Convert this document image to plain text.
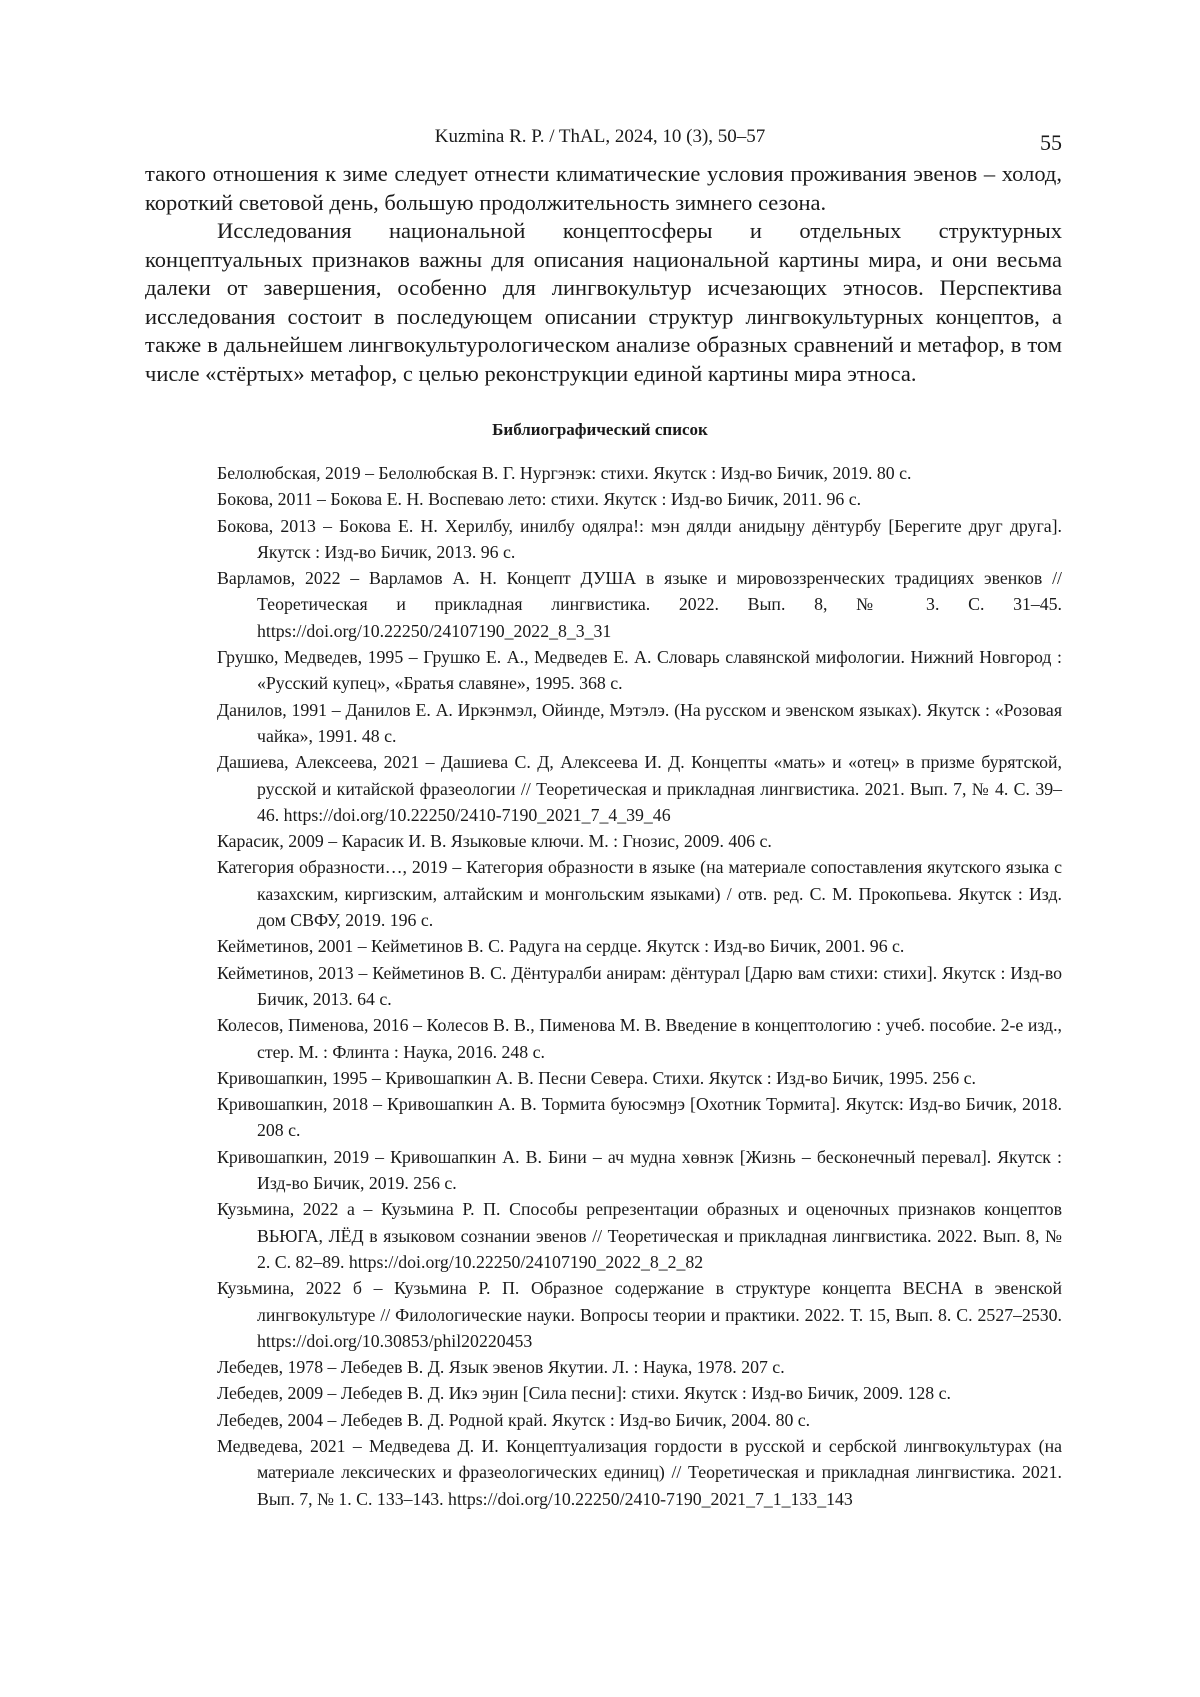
Kuzmina R. P. / ThAL, 2024, 10 (3), 50–57	55

такого отношения к зиме следует отнести климатические условия проживания эвенов – холод, короткий световой день, большую продолжительность зимнего сезона.

Исследования национальной концептосферы и отдельных структурных концептуальных признаков важны для описания национальной картины мира, и они весьма далеки от завершения, особенно для лингвокультур исчезающих этносов. Перспектива исследования состоит в последующем описании структур лингвокультурных концептов, а также в дальнейшем лингвокультурологическом анализе образных сравнений и метафор, в том числе «стёртых» метафор, с целью реконструкции единой картины мира этноса.

Библиографический список
Белолюбская, 2019 – Белолюбская В. Г. Нургэнэк: стихи. Якутск : Изд-во Бичик, 2019. 80 с.
Бокова, 2011 – Бокова Е. Н. Воспеваю лето: стихи. Якутск : Изд-во Бичик, 2011. 96 с.
Бокова, 2013 – Бокова Е. Н. Херилбу, инилбу одялра!: мэн дялди анидыӈу дёнтурбу [Берегите друг друга]. Якутск : Изд-во Бичик, 2013. 96 с.
Варламов, 2022 – Варламов А. Н. Концепт ДУША в языке и мировоззренческих традициях эвенков // Теоретическая и прикладная лингвистика. 2022. Вып. 8, № 3. С. 31–45. https://doi.org/10.22250/24107190_2022_8_3_31
Грушко, Медведев, 1995 – Грушко Е. А., Медведев Е. А. Словарь славянской мифологии. Нижний Новгород : «Русский купец», «Братья славяне», 1995. 368 с.
Данилов, 1991 – Данилов Е. А. Иркэнмэл, Ойинде, Мэтэлэ. (На русском и эвенском языках). Якутск : «Розовая чайка», 1991. 48 с.
Дашиева, Алексеева, 2021 – Дашиева С. Д, Алексеева И. Д. Концепты «мать» и «отец» в призме бурятской, русской и китайской фразеологии // Теоретическая и прикладная лингвистика. 2021. Вып. 7, № 4. С. 39–46. https://doi.org/10.22250/2410-7190_2021_7_4_39_46
Карасик, 2009 – Карасик И. В. Языковые ключи. М. : Гнозис, 2009. 406 с.
Категория образности…, 2019 – Категория образности в языке (на материале сопоставления якутского языка с казахским, киргизским, алтайским и монгольским языками) / отв. ред. С. М. Прокопьева. Якутск : Изд. дом СВФУ, 2019. 196 с.
Кейметинов, 2001 – Кейметинов В. С. Радуга на сердце. Якутск : Изд-во Бичик, 2001. 96 с.
Кейметинов, 2013 – Кейметинов В. С. Дёнтуралби анирам: дёнтурал [Дарю вам стихи: стихи]. Якутск : Изд-во Бичик, 2013. 64 с.
Колесов, Пименова, 2016 – Колесов В. В., Пименова М. В. Введение в концептологию : учеб. пособие. 2-е изд., стер. М. : Флинта : Наука, 2016. 248 с.
Кривошапкин, 1995 – Кривошапкин А. В. Песни Севера. Стихи. Якутск : Изд-во Бичик, 1995. 256 с.
Кривошапкин, 2018 – Кривошапкин А. В. Тормита буюсэмӈэ [Охотник Тормита]. Якутск: Изд-во Бичик, 2018. 208 с.
Кривошапкин, 2019 – Кривошапкин А. В. Бини – ач мудна хөвнэк [Жизнь – бесконечный перевал]. Якутск : Изд-во Бичик, 2019. 256 с.
Кузьмина, 2022 а – Кузьмина Р. П. Способы репрезентации образных и оценочных признаков концептов ВЬЮГА, ЛЁД в языковом сознании эвенов // Теоретическая и прикладная лингвистика. 2022. Вып. 8, № 2. С. 82–89. https://doi.org/10.22250/24107190_2022_8_2_82
Кузьмина, 2022 б – Кузьмина Р. П. Образное содержание в структуре концепта ВЕСНА в эвенской лингвокультуре // Филологические науки. Вопросы теории и практики. 2022. Т. 15, Вып. 8. С. 2527–2530. https://doi.org/10.30853/phil20220453
Лебедев, 1978 – Лебедев В. Д. Язык эвенов Якутии. Л. : Наука, 1978. 207 с.
Лебедев, 2009 – Лебедев В. Д. Икэ эӈин [Сила песни]: стихи. Якутск : Изд-во Бичик, 2009. 128 с.
Лебедев, 2004 – Лебедев В. Д. Родной край. Якутск : Изд-во Бичик, 2004. 80 с.
Медведева, 2021 – Медведева Д. И. Концептуализация гордости в русской и сербской лингвокультурах (на материале лексических и фразеологических единиц) // Теоретическая и прикладная лингвистика. 2021. Вып. 7, № 1. С. 133–143. https://doi.org/10.22250/2410-7190_2021_7_1_133_143
